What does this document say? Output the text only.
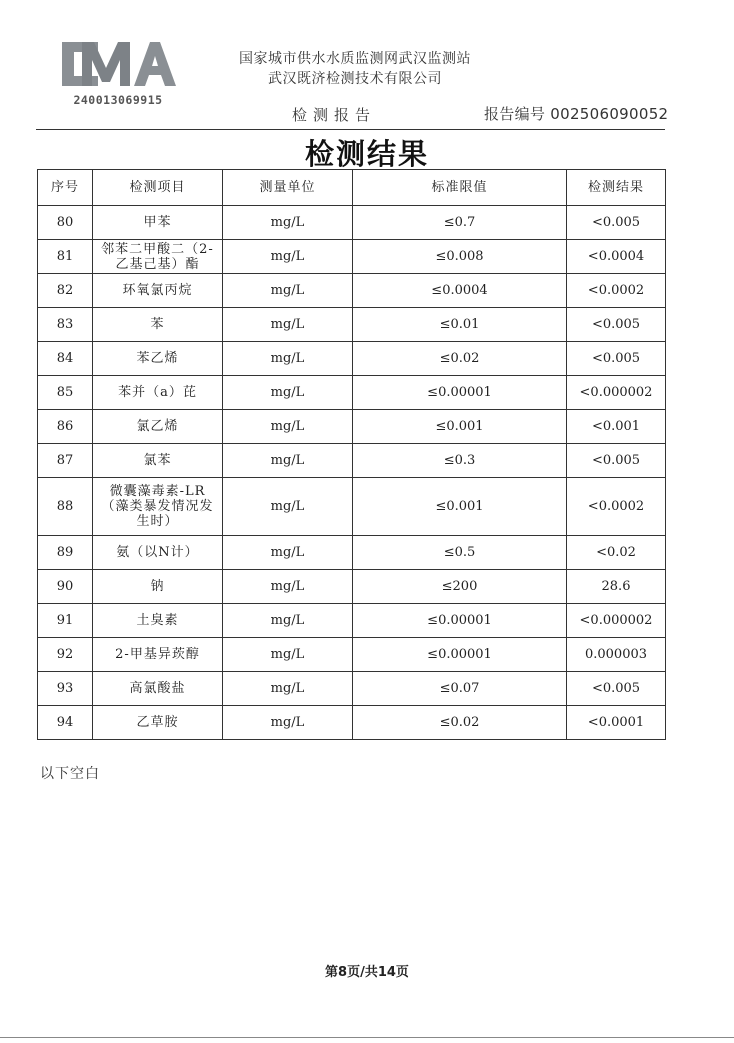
240013069915
国家城市供水水质监测网武汉监测站
武汉既济检测技术有限公司
检测报告	报告编号 002506090052
检测结果
序号	检测项目	测量单位	标准限值	检测结果
80	甲苯	mg/L	≤0.7	<0.005
81	邻苯二甲酸二（2-乙基己基）酯	mg/L	≤0.008	<0.0004
82	环氧氯丙烷	mg/L	≤0.0004	<0.0002
83	苯	mg/L	≤0.01	<0.005
84	苯乙烯	mg/L	≤0.02	<0.005
85	苯并（a）芘	mg/L	≤0.00001	<0.000002
86	氯乙烯	mg/L	≤0.001	<0.001
87	氯苯	mg/L	≤0.3	<0.005
88	微囊藻毒素-LR（藻类暴发情况发生时）	mg/L	≤0.001	<0.0002
89	氨（以N计）	mg/L	≤0.5	<0.02
90	钠	mg/L	≤200	28.6
91	土臭素	mg/L	≤0.00001	<0.000002
92	2-甲基异莰醇	mg/L	≤0.00001	0.000003
93	高氯酸盐	mg/L	≤0.07	<0.005
94	乙草胺	mg/L	≤0.02	<0.0001
以下空白
第8页/共14页
